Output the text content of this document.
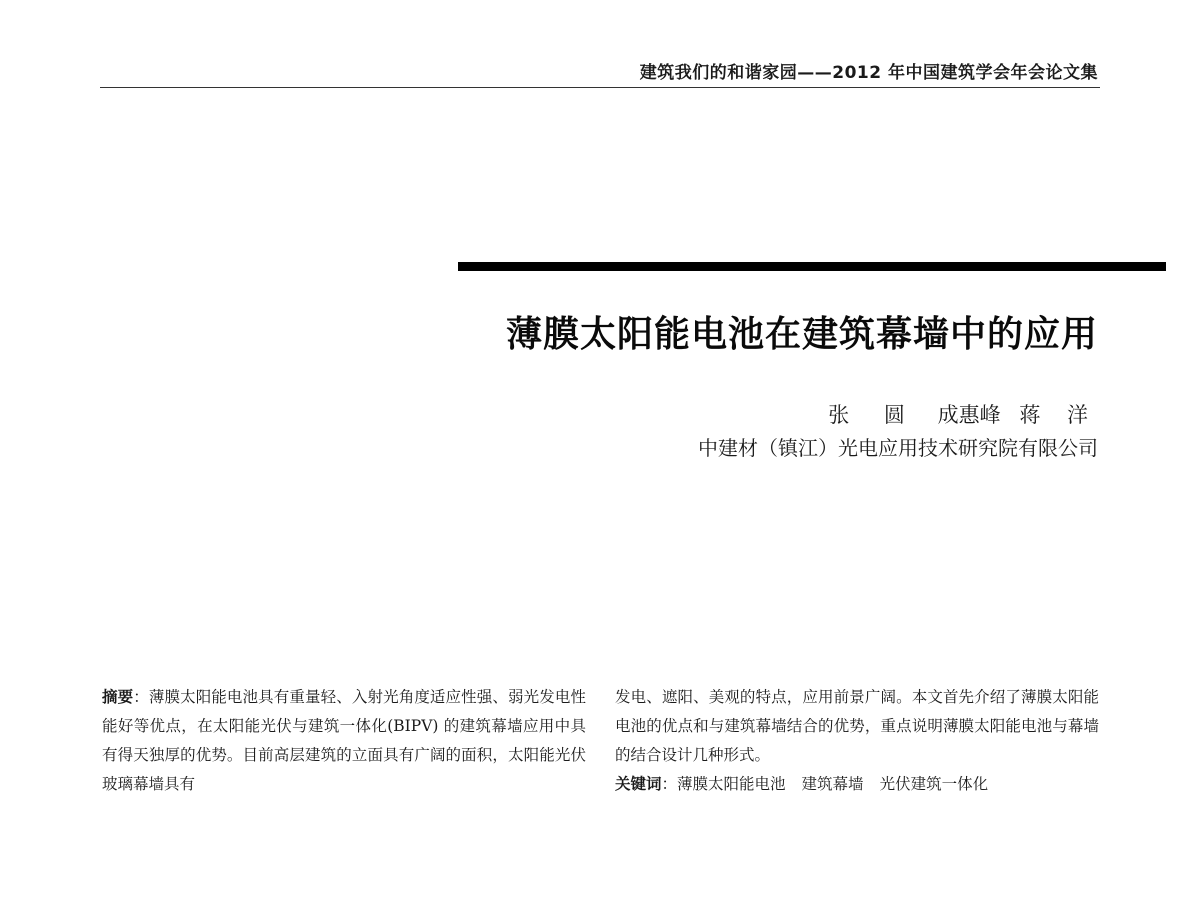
建筑我们的和谐家园——2012 年中国建筑学会年会论文集
薄膜太阳能电池在建筑幕墙中的应用
张 圆 成惠峰 蒋 洋
中建材（镇江）光电应用技术研究院有限公司

摘要：薄膜太阳能电池具有重量轻、入射光角度适应性强、弱光发电性能好等优点，在太阳能光伏与建筑一体化(BIPV) 的建筑幕墙应用中具有得天独厚的优势。目前高层建筑的立面具有广阔的面积，太阳能光伏玻璃幕墙具有

发电、遮阳、美观的特点，应用前景广阔。本文首先介绍了薄膜太阳能电池的优点和与建筑幕墙结合的优势，重点说明薄膜太阳能电池与幕墙的结合设计几种形式。

关键词：薄膜太阳能电池 建筑幕墙 光伏建筑一体化
